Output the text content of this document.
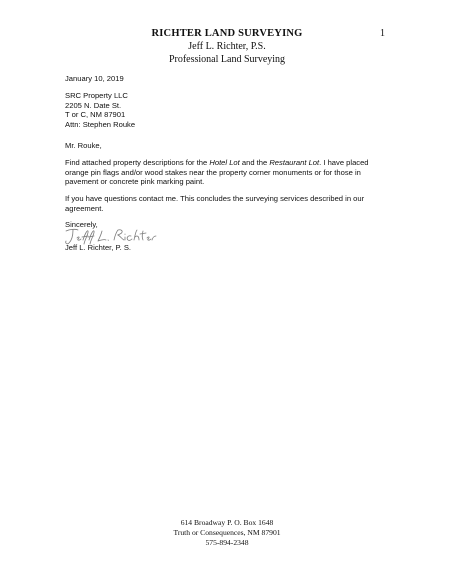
RICHTER LAND SURVEYING
Jeff L. Richter, P.S.
Professional Land Surveying
1
January 10, 2019
SRC Property LLC
2205 N. Date St.
T or C, NM 87901
Attn: Stephen Rouke
Mr. Rouke,
Find attached property descriptions for the Hotel Lot and the Restaurant Lot. I have placed
orange pin flags and/or wood stakes near the property corner monuments or for those in
pavement or concrete pink marking paint.
If you have questions contact me. This concludes the surveying services described in our
agreement.
Sincerely,
Jeff L. Richter, P. S.
614 Broadway P. O. Box 1648
Truth or Consequences, NM 87901
575-894-2348
